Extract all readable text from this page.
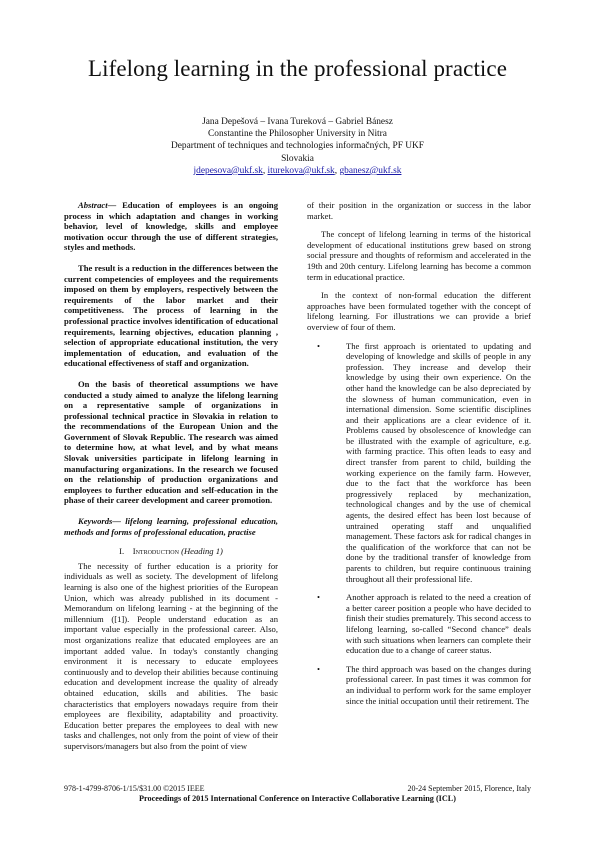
Lifelong learning in the professional practice
Jana Depešová – Ivana Tureková – Gabriel Bánesz
Constantine the Philosopher University in Nitra
Department of techniques and technologies informačných, PF UKF
Slovakia
jdepesova@ukf.sk, iturekova@ukf.sk, gbanesz@ukf.sk

Abstract— Education of employees is an ongoing process in which adaptation and changes in working behavior, level of knowledge, skills and employee motivation occur through the use of different strategies, styles and methods.

The result is a reduction in the differences between the current competencies of employees and the requirements imposed on them by employers, respectively between the requirements of the labor market and their competitiveness. The process of learning in the professional practice involves identification of educational requirements, learning objectives, education planning , selection of appropriate educational institution, the very implementation of education, and evaluation of the educational effectiveness of staff and organization.

On the basis of theoretical assumptions we have conducted a study aimed to analyze the lifelong learning on a representative sample of organizations in professional technical practice in Slovakia in relation to the recommendations of the European Union and the Government of Slovak Republic. The research was aimed to determine how, at what level, and by what means Slovak universities participate in lifelong learning in manufacturing organizations. In the research we focused on the relationship of production organizations and employees to further education and self-education in the phase of their career development and career promotion.

Keywords— lifelong learning, professional education, methods and forms of professional education, practise

I. Introduction (Heading 1)

The necessity of further education is a priority for individuals as well as society. The development of lifelong learning is also one of the highest priorities of the European Union, which was already published in its document - Memorandum on lifelong learning - at the beginning of the millennium ([1]). People understand education as an important value especially in the professional career. Also, most organizations realize that educated employees are an important added value. In today's constantly changing environment it is necessary to educate employees continuously and to develop their abilities because continuing education and development increase the quality of already obtained education, skills and abilities. The basic characteristics that employers nowadays require from their employees are flexibility, adaptability and proactivity. Education better prepares the employees to deal with new tasks and challenges, not only from the point of view of their supervisors/managers but also from the point of view

of their position in the organization or success in the labor market.

The concept of lifelong learning in terms of the historical development of educational institutions grew based on strong social pressure and thoughts of reformism and accelerated in the 19th and 20th century. Lifelong learning has become a common term in educational practice.

In the context of non-formal education the different approaches have been formulated together with the concept of lifelong learning. For illustrations we can provide a brief overview of four of them.

•	The first approach is orientated to updating and developing of knowledge and skills of people in any profession. They increase and develop their knowledge by using their own experience. On the other hand the knowledge can be also depreciated by the slowness of human communication, even in international dimension. Some scientific disciplines and their applications are a clear evidence of it. Problems caused by obsolescence of knowledge can be illustrated with the example of agriculture, e.g. with farming practice. This often leads to easy and direct transfer from parent to child, building the working experience on the family farm. However, due to the fact that the workforce has been progressively replaced by mechanization, technological changes and by the use of chemical agents, the desired effect has been lost because of untrained operating staff and unqualified management. These factors ask for radical changes in the qualification of the workforce that can not be done by the traditional transfer of knowledge from parents to children, but require continuous training throughout all their professional life.
•	Another approach is related to the need a creation of a better career position a people who have decided to finish their studies prematurely. This second access to lifelong learning, so-called “Second chance” deals with such situations when learners can complete their education due to a change of career status.
•	The third approach was based on the changes during professional career. In past times it was common for an individual to perform work for the same employer since the initial occupation until their retirement. The
978-1-4799-8706-1/15/$31.00 ©2015 IEEE	20-24 September 2015, Florence, Italy
Proceedings of 2015 International Conference on Interactive Collaborative Learning (ICL)
